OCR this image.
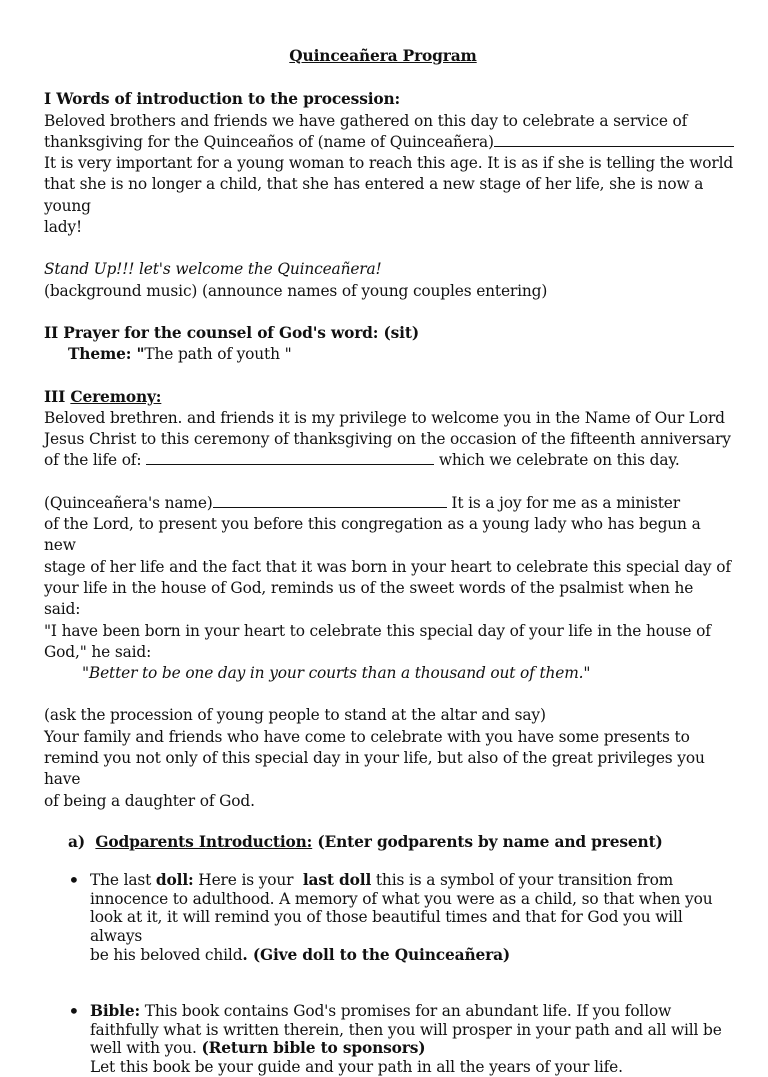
Quinceañera Program

I Words of introduction to the procession:

Beloved brothers and friends we have gathered on this day to celebrate a service of

thanksgiving for the Quinceaños of (name of Quinceañera)

It is very important for a young woman to reach this age. It is as if she is telling the world

that she is no longer a child, that she has entered a new stage of her life, she is now a young

lady!

Stand Up!!! let's welcome the Quinceañera!

(background music) (announce names of young couples entering)

II Prayer for the counsel of God's word: (sit)

Theme: "The path of youth "

III Ceremony:

Beloved brethren. and friends it is my privilege to welcome you in the Name of Our Lord

Jesus Christ to this ceremony of thanksgiving on the occasion of the fifteenth anniversary

of the life of:	which we celebrate on this day.

(Quinceañera's name)	It is a joy for me as a minister

of the Lord, to present you before this congregation as a young lady who has begun a new

stage of her life and the fact that it was born in your heart to celebrate this special day of

your life in the house of God, reminds us of the sweet words of the psalmist when he said:

"I have been born in your heart to celebrate this special day of your life in the house of

God," he said:

"Better to be one day in your courts than a thousand out of them."

(ask the procession of young people to stand at the altar and say)

Your family and friends who have come to celebrate with you have some presents to

remind you not only of this special day in your life, but also of the great privileges you have

of being a daughter of God.

a) Godparents Introduction: (Enter godparents by name and present)

• The last doll: Here is your  last doll this is a symbol of your transition from

innocence to adulthood. A memory of what you were as a child, so that when you

look at it, it will remind you of those beautiful times and that for God you will always

be his beloved child. (Give doll to the Quinceañera)

• Bible: This book contains God's promises for an abundant life. If you follow

faithfully what is written therein, then you will prosper in your path and all will be

well with you. (Return bible to sponsors)

Let this book be your guide and your path in all the years of your life.
